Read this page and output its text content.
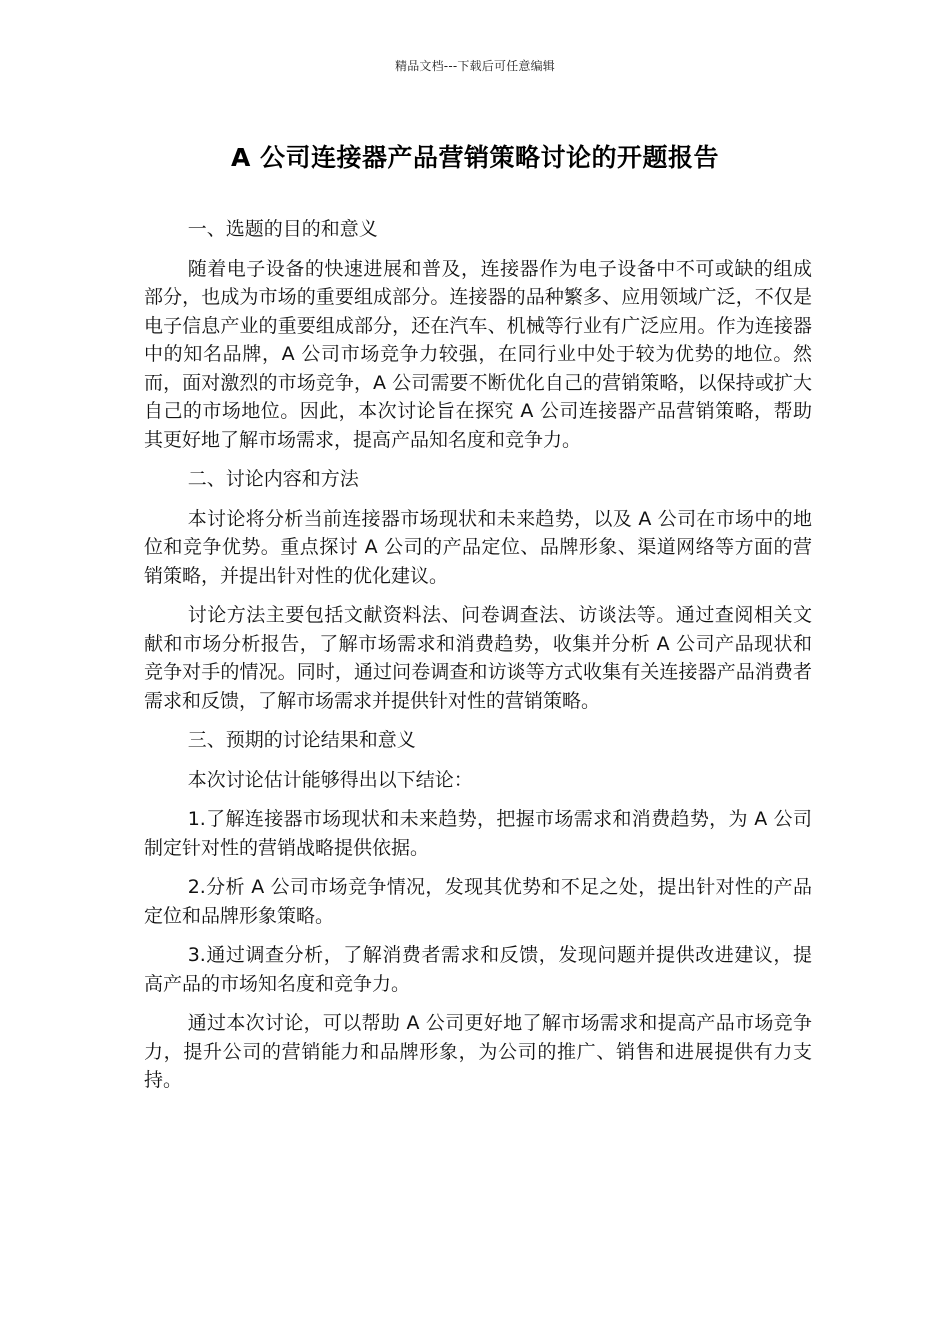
精品文档---下载后可任意编辑
A 公司连接器产品营销策略讨论的开题报告

一、选题的目的和意义

随着电子设备的快速进展和普及，连接器作为电子设备中不可或缺的组成部分，也成为市场的重要组成部分。连接器的品种繁多、应用领域广泛，不仅是电子信息产业的重要组成部分，还在汽车、机械等行业有广泛应用。作为连接器中的知名品牌，A 公司市场竞争力较强，在同行业中处于较为优势的地位。然而，面对激烈的市场竞争，A 公司需要不断优化自己的营销策略，以保持或扩大自己的市场地位。因此，本次讨论旨在探究 A 公司连接器产品营销策略，帮助其更好地了解市场需求，提高产品知名度和竞争力。

二、讨论内容和方法

本讨论将分析当前连接器市场现状和未来趋势，以及 A 公司在市场中的地位和竞争优势。重点探讨 A 公司的产品定位、品牌形象、渠道网络等方面的营销策略，并提出针对性的优化建议。

讨论方法主要包括文献资料法、问卷调查法、访谈法等。通过查阅相关文献和市场分析报告，了解市场需求和消费趋势，收集并分析 A 公司产品现状和竞争对手的情况。同时，通过问卷调查和访谈等方式收集有关连接器产品消费者需求和反馈，了解市场需求并提供针对性的营销策略。

三、预期的讨论结果和意义

本次讨论估计能够得出以下结论：

1.了解连接器市场现状和未来趋势，把握市场需求和消费趋势，为 A 公司制定针对性的营销战略提供依据。

2.分析 A 公司市场竞争情况，发现其优势和不足之处，提出针对性的产品定位和品牌形象策略。

3.通过调查分析，了解消费者需求和反馈，发现问题并提供改进建议，提高产品的市场知名度和竞争力。

通过本次讨论，可以帮助 A 公司更好地了解市场需求和提高产品市场竞争力，提升公司的营销能力和品牌形象，为公司的推广、销售和进展提供有力支持。
